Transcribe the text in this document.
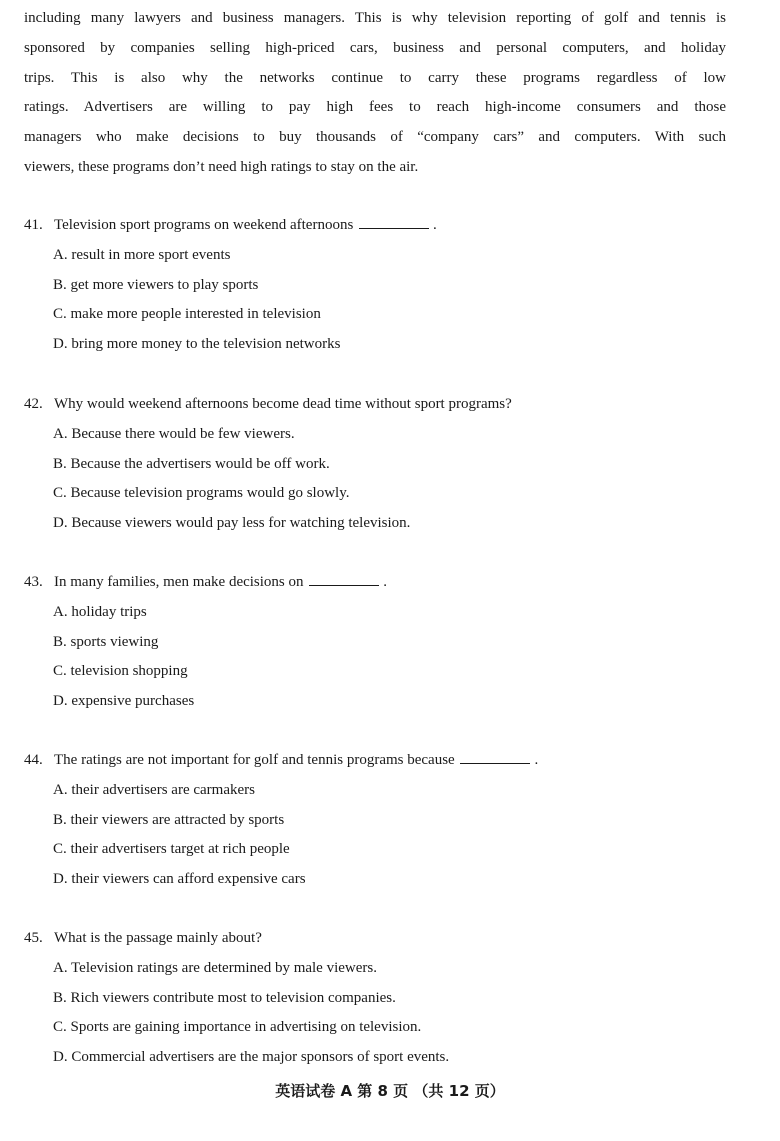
including many lawyers and business managers. This is why television reporting of golf and tennis is
sponsored by companies selling high-priced cars, business and personal computers, and holiday
trips. This is also why the networks continue to carry these programs regardless of low
ratings. Advertisers are willing to pay high fees to reach high-income consumers and those
managers who make decisions to buy thousands of “company cars” and computers. With such
viewers, these programs don’t need high ratings to stay on the air.
41. Television sport programs on weekend afternoons	.
A. result in more sport events
B. get more viewers to play sports
C. make more people interested in television
D. bring more money to the television networks
42. Why would weekend afternoons become dead time without sport programs?
A. Because there would be few viewers.
B. Because the advertisers would be off work.
C. Because television programs would go slowly.
D. Because viewers would pay less for watching television.
43. In many families, men make decisions on	.
A. holiday trips
B. sports viewing
C. television shopping
D. expensive purchases
44. The ratings are not important for golf and tennis programs because	.
A. their advertisers are carmakers
B. their viewers are attracted by sports
C. their advertisers target at rich people
D. their viewers can afford expensive cars
45. What is the passage mainly about?
A. Television ratings are determined by male viewers.
B. Rich viewers contribute most to television companies.
C. Sports are gaining importance in advertising on television.
D. Commercial advertisers are the major sponsors of sport events.
英语试卷 A 第 8 页 （共 12 页）
